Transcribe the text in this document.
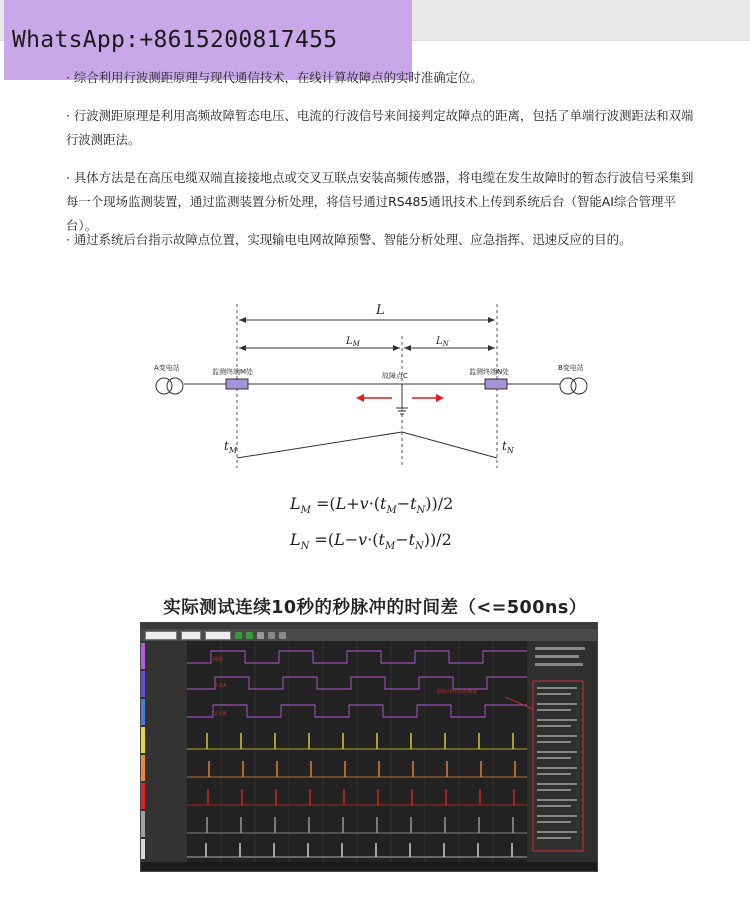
WhatsApp:+8615200817455
· 综合利用行波测距原理与现代通信技术，在线计算故障点的实时准确定位。
· 行波测距原理是利用高频故障暂态电压、电流的行波信号来间接判定故障点的距离，包括了单端行波测距法和双端行波测距法。
· 具体方法是在高压电缆双端直接接地点或交叉互联点安装高频传感器，将电缆在发生故障时的暂态行波信号采集到每一个现场监测装置，通过监测装置分析处理，将信号通过RS485通讯技术上传到系统后台（智能AI综合管理平台）。
· 通过系统后台指示故障点位置，实现输电电网故障预警、智能分析处理、应急指挥、迅速反应的目的。
L
$L_M$	$L_N$
A变电站	B变电站
监测终端M处	监测终端N处
故障点C
$t_M$	$t_N$
$L_M =(L+v\cdot(t_M-t_N))/2$
$L_N =(L-v\cdot(t_M-t_N))/2$
实际测试连续10秒的秒脉冲的时间差（<=500ns）
网络
节点A
节点B
秒脉冲时间差测量
